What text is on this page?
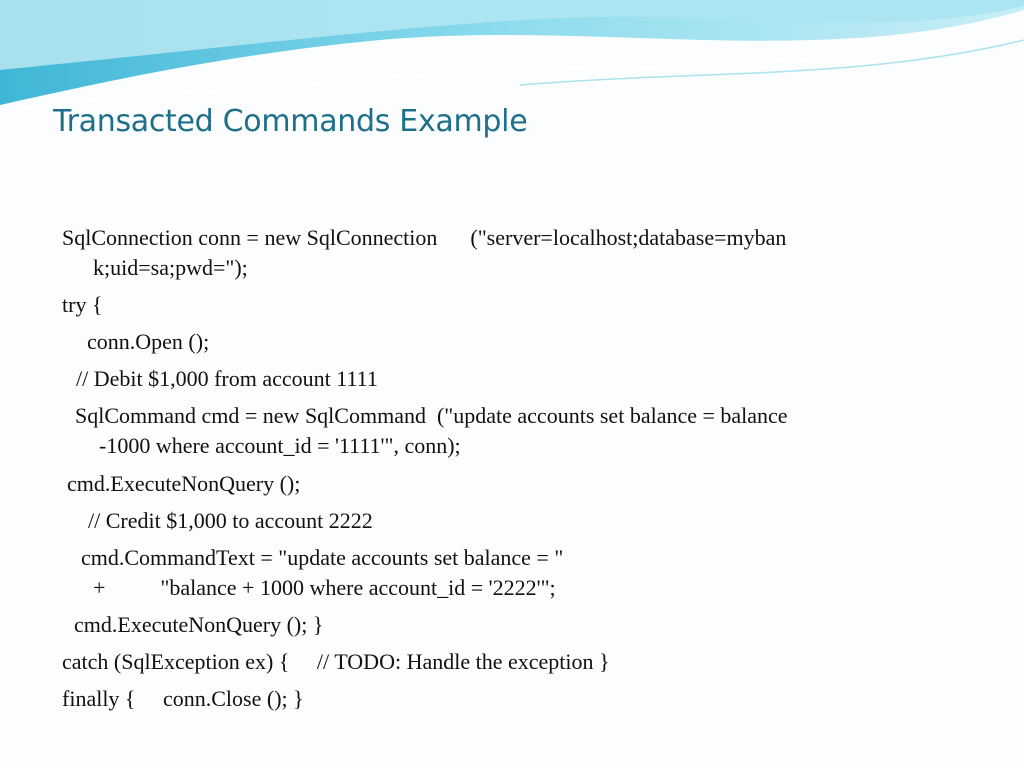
Transacted Commands Example
SqlConnection conn = new SqlConnection      ("server=localhost;database=myban
k;uid=sa;pwd=");
try {
conn.Open ();
// Debit $1,000 from account 1111
SqlCommand cmd = new SqlCommand  ("update accounts set balance = balance
-1000 where account_id = '1111'", conn);
cmd.ExecuteNonQuery ();
// Credit $1,000 to account 2222
cmd.CommandText = "update accounts set balance = "
+          "balance + 1000 where account_id = '2222'";
cmd.ExecuteNonQuery (); }
catch (SqlException ex) {     // TODO: Handle the exception }
finally {     conn.Close (); }
